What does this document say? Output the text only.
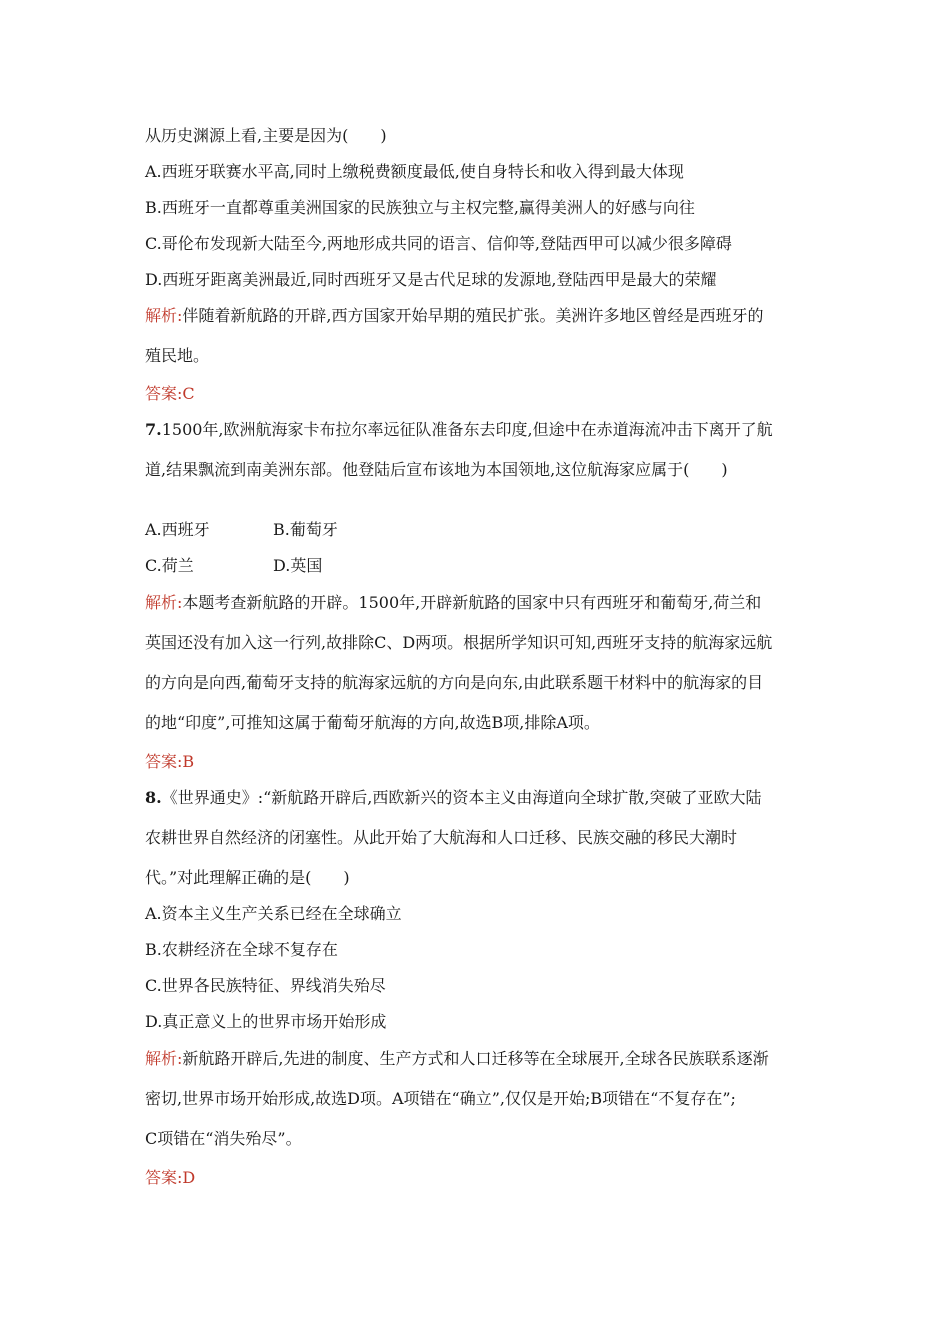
从历史渊源上看,主要是因为(　　)
A.西班牙联赛水平高,同时上缴税费额度最低,使自身特长和收入得到最大体现
B.西班牙一直都尊重美洲国家的民族独立与主权完整,赢得美洲人的好感与向往
C.哥伦布发现新大陆至今,两地形成共同的语言、信仰等,登陆西甲可以减少很多障碍
D.西班牙距离美洲最近,同时西班牙又是古代足球的发源地,登陆西甲是最大的荣耀
解析:伴随着新航路的开辟,西方国家开始早期的殖民扩张。美洲许多地区曾经是西班牙的
殖民地。
答案:C
7.1500年,欧洲航海家卡布拉尔率远征队准备东去印度,但途中在赤道海流冲击下离开了航
道,结果飘流到南美洲东部。他登陆后宣布该地为本国领地,这位航海家应属于(　　)
A.西班牙	B.葡萄牙
C.荷兰	D.英国
解析:本题考查新航路的开辟。1500年,开辟新航路的国家中只有西班牙和葡萄牙,荷兰和
英国还没有加入这一行列,故排除C、D两项。根据所学知识可知,西班牙支持的航海家远航
的方向是向西,葡萄牙支持的航海家远航的方向是向东,由此联系题干材料中的航海家的目
的地“印度”,可推知这属于葡萄牙航海的方向,故选B项,排除A项。
答案:B
8.《世界通史》:“新航路开辟后,西欧新兴的资本主义由海道向全球扩散,突破了亚欧大陆
农耕世界自然经济的闭塞性。从此开始了大航海和人口迁移、民族交融的移民大潮时
代。”对此理解正确的是(　　)
A.资本主义生产关系已经在全球确立
B.农耕经济在全球不复存在
C.世界各民族特征、界线消失殆尽
D.真正意义上的世界市场开始形成
解析:新航路开辟后,先进的制度、生产方式和人口迁移等在全球展开,全球各民族联系逐渐
密切,世界市场开始形成,故选D项。A项错在“确立”,仅仅是开始;B项错在“不复存在”;
C项错在“消失殆尽”。
答案:D
